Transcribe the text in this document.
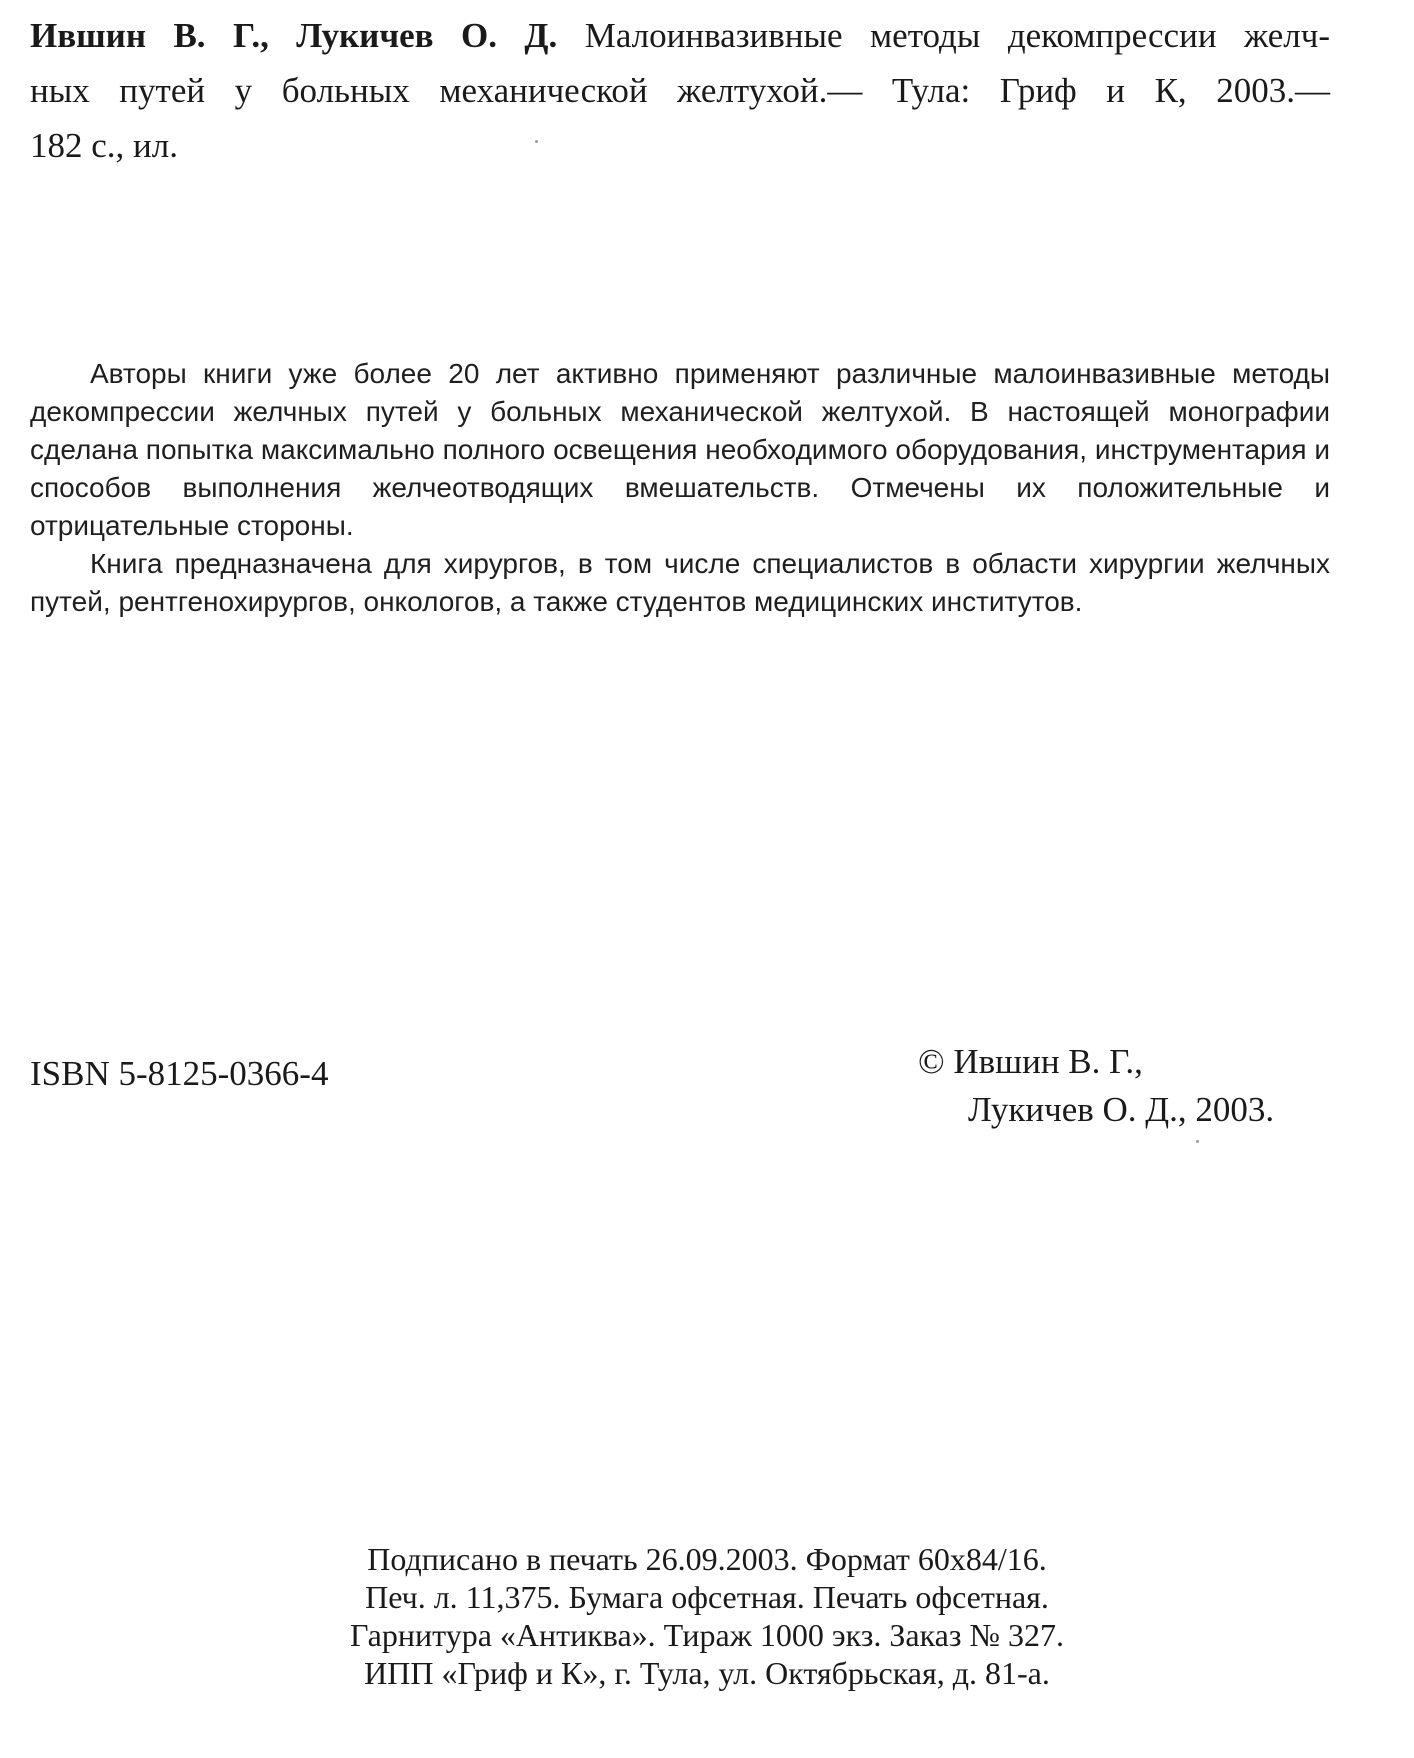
Ившин В. Г., Лукичев О. Д. Малоинвазивные методы декомпрессии желч-
ных путей у больных механической желтухой.— Тула: Гриф и К, 2003.—
182 с., ил.

Авторы книги уже более 20 лет активно применяют различные малоинвазивные методы декомпрессии желчных путей у больных механической желтухой. В настоящей монографии сделана попытка максимально полного освещения необходимого оборудования, инструментария и способов выполнения желчеотводящих вмешательств. Отмечены их положительные и отрицательные стороны.

Книга предназначена для хирургов, в том числе специалистов в области хирургии желчных путей, рентгенохирургов, онкологов, а также студентов медицинских институтов.

ISBN 5-8125-0366-4	© Ившин В. Г.,
Лукичев О. Д., 2003.
Подписано в печать 26.09.2003. Формат 60x84/16.
Печ. л. 11,375. Бумага офсетная. Печать офсетная.
Гарнитура «Антиква». Тираж 1000 экз. Заказ № 327.
ИПП «Гриф и К», г. Тула, ул. Октябрьская, д. 81-а.
